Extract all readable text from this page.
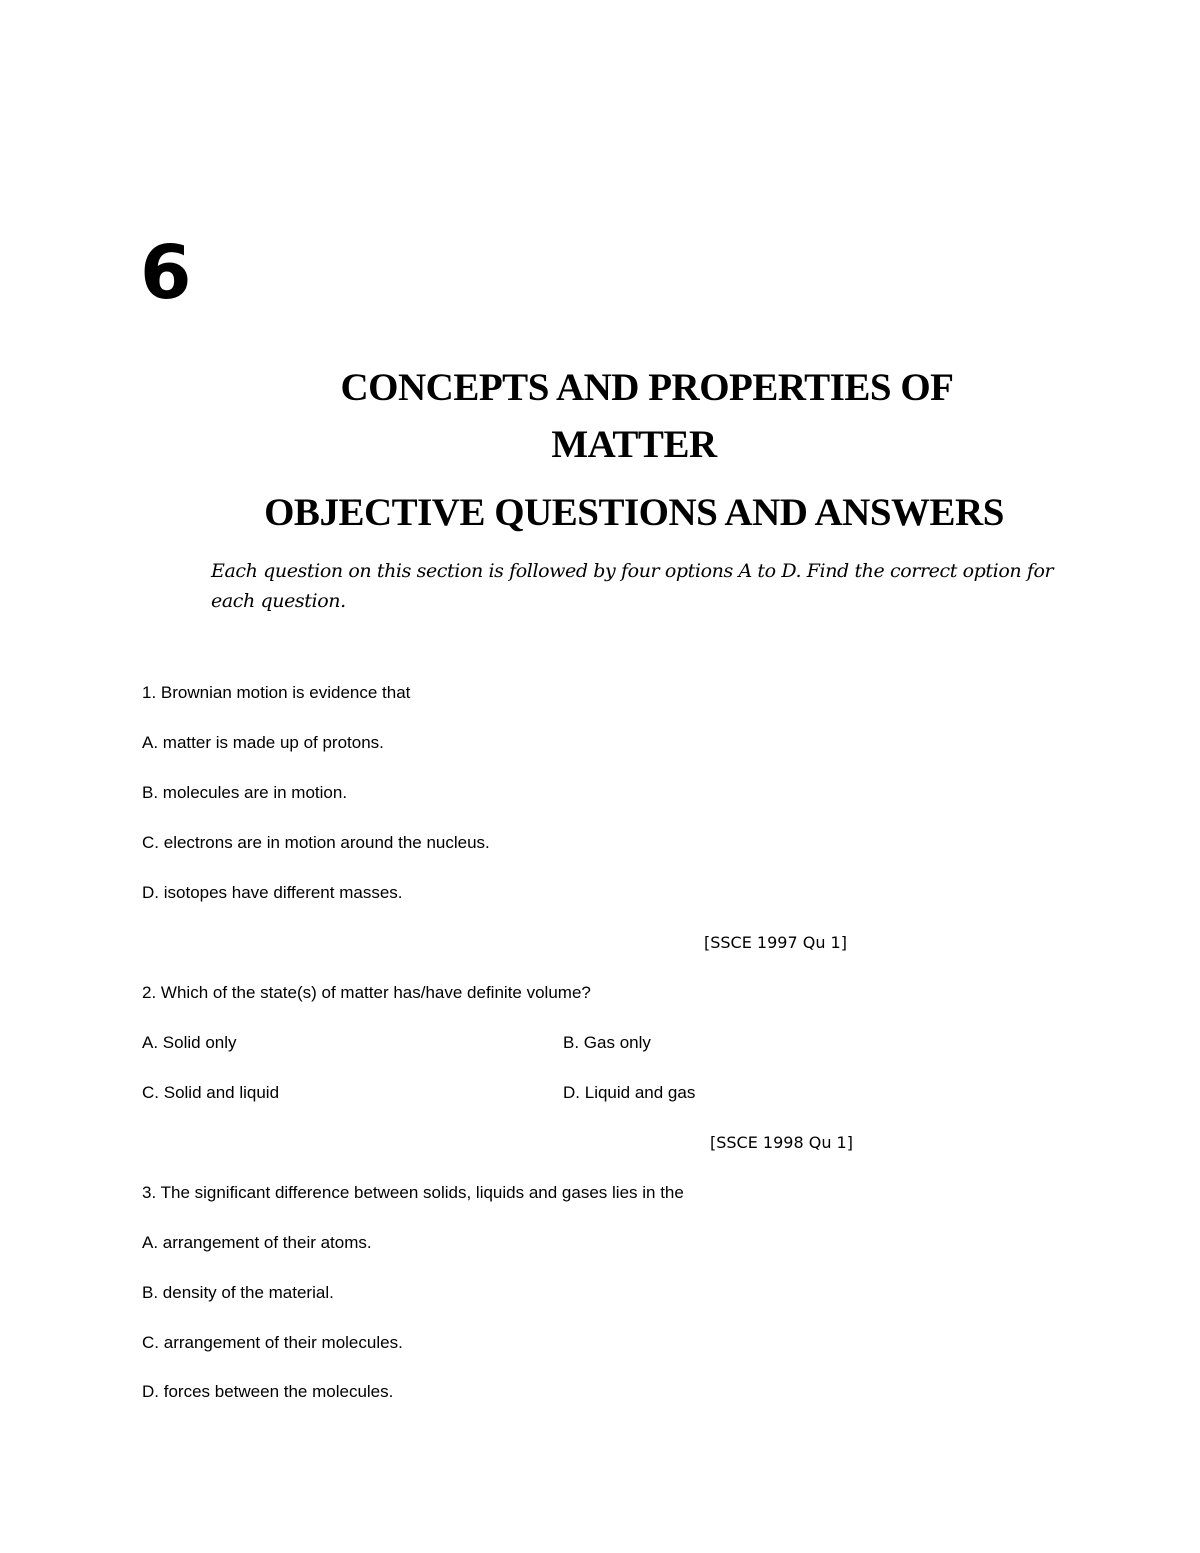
6
CONCEPTS AND PROPERTIES OF
MATTER
OBJECTIVE QUESTIONS AND ANSWERS
Each question on this section is followed by four options A to D. Find the correct option for each question.
1. Brownian motion is evidence that
A. matter is made up of protons.
B. molecules are in motion.
C. electrons are in motion around the nucleus.
D. isotopes have different masses.
[SSCE 1997 Qu 1]
2. Which of the state(s) of matter has/have definite volume?
A. Solid only	B. Gas only
C. Solid and liquid	D. Liquid and gas
[SSCE 1998 Qu 1]
3. The significant difference between solids, liquids and gases lies in the
A. arrangement of their atoms.
B. density of the material.
C. arrangement of their molecules.
D. forces between the molecules.
